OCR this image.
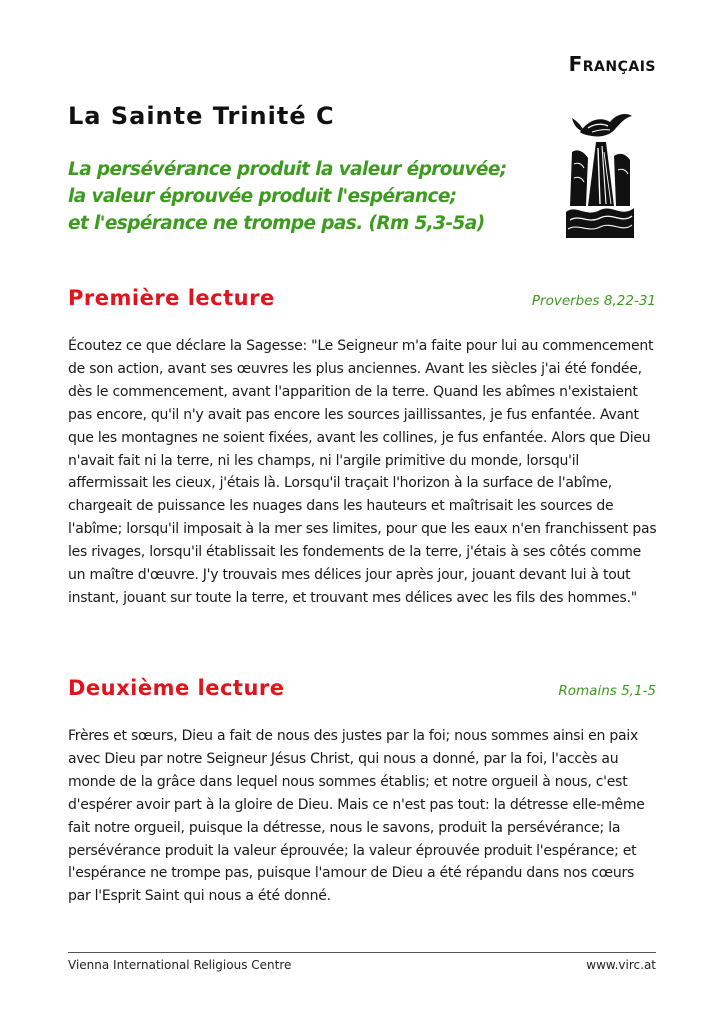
Français
La Sainte Trinité C
La persévérance produit la valeur éprouvée;
la valeur éprouvée produit l'espérance;
et l'espérance ne trompe pas. (Rm 5,3-5a)
Première lecture	Proverbes 8,22-31

Écoutez ce que déclare la Sagesse: "Le Seigneur m'a faite pour lui au commencement de son action, avant ses œuvres les plus anciennes. Avant les siècles j'ai été fondée, dès le commencement, avant l'apparition de la terre. Quand les abîmes n'existaient pas encore, qu'il n'y avait pas encore les sources jaillissantes, je fus enfantée. Avant que les montagnes ne soient fixées, avant les collines, je fus enfantée. Alors que Dieu n'avait fait ni la terre, ni les champs, ni l'argile primitive du monde, lorsqu'il affermissait les cieux, j'étais là. Lorsqu'il traçait l'horizon à la surface de l'abîme, chargeait de puissance les nuages dans les hauteurs et maîtrisait les sources de l'abîme; lorsqu'il imposait à la mer ses limites, pour que les eaux n'en franchissent pas les rivages, lorsqu'il établissait les fondements de la terre, j'étais à ses côtés comme un maître d'œuvre. J'y trouvais mes délices jour après jour, jouant devant lui à tout instant, jouant sur toute la terre, et trouvant mes délices avec les fils des hommes."

Deuxième lecture	Romains 5,1-5

Frères et sœurs, Dieu a fait de nous des justes par la foi; nous sommes ainsi en paix avec Dieu par notre Seigneur Jésus Christ, qui nous a donné, par la foi, l'accès au monde de la grâce dans lequel nous sommes établis; et notre orgueil à nous, c'est d'espérer avoir part à la gloire de Dieu. Mais ce n'est pas tout: la détresse elle-même fait notre orgueil, puisque la détresse, nous le savons, produit la persévérance; la persévérance produit la valeur éprouvée; la valeur éprouvée produit l'espérance; et l'espérance ne trompe pas, puisque l'amour de Dieu a été répandu dans nos cœurs par l'Esprit Saint qui nous a été donné.

Vienna International Religious Centre	www.virc.at
